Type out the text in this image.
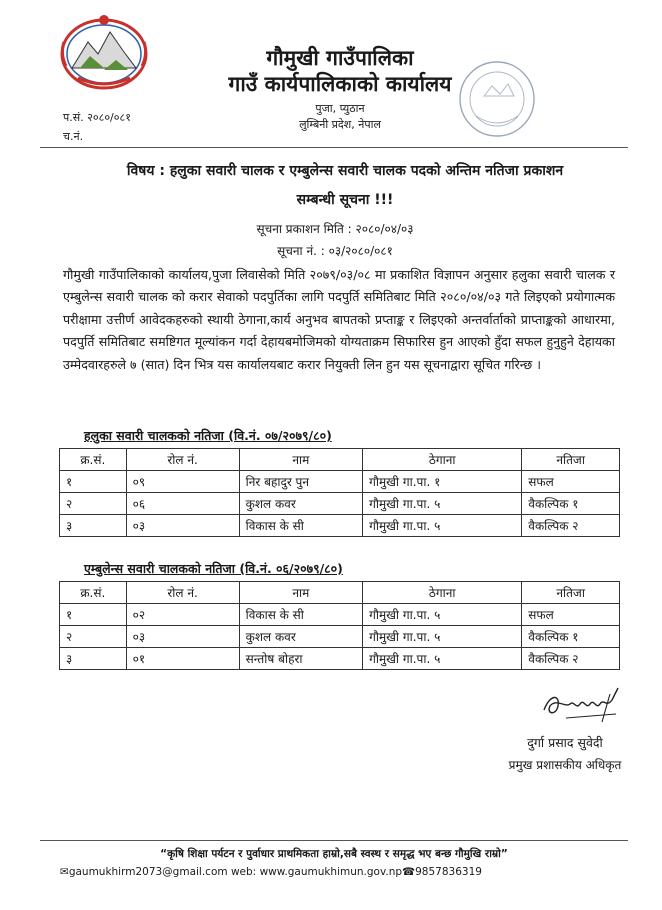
गौमुखी गाउँपालिका
गाउँ कार्यपालिकाको कार्यालय
पुजा, प्युठान
लुम्बिनी प्रदेश, नेपाल
प.सं. २०८०/०८१
च.नं.
विषय : हलुका सवारी चालक र एम्बुलेन्स सवारी चालक पदको अन्तिम नतिजा प्रकाशन
सम्बन्धी सूचना !!!
सूचना प्रकाशन मिति : २०८०/०४/०३
सूचना नं. : ०३/२०८०/०८१
गौमुखी गाउँपालिकाको कार्यालय,पुजा लिवासेको मिति २०७९/०३/०८ मा प्रकाशित विज्ञापन अनुसार हलुका सवारी चालक र एम्बुलेन्स सवारी चालक को करार सेवाको पदपुर्तिका लागि पदपुर्ति समितिबाट मिति २०८०/०४/०३ गते लिइएको प्रयोगात्मक परीक्षामा उत्तीर्ण आवेदकहरुको स्थायी ठेगाना,कार्य अनुभव बापतको प्रप्ताङ्क र लिइएको अन्तर्वार्ताको प्राप्ताङ्कको आधारमा, पदपुर्ति समितिबाट समष्टिगत मूल्यांकन गर्दा देहायबमोजिमको योग्यताक्रम सिफारिस हुन आएको हुँदा सफल हुनुहुने देहायका उम्मेदवारहरुले ७ (सात) दिन भित्र यस कार्यालयबाट करार नियुक्ती लिन हुन यस सूचनाद्वारा सूचित गरिन्छ ।
हलुका सवारी चालकको नतिजा (वि.नं. ०७/२०७९/८०)
क्र.सं.	रोल नं.	नाम	ठेगाना	नतिजा
१	०९	निर बहादुर पुन	गौमुखी गा.पा. १	सफल
२	०६	कुशल कवर	गौमुखी गा.पा. ५	वैकल्पिक १
३	०३	विकास के सी	गौमुखी गा.पा. ५	वैकल्पिक २
एम्बुलेन्स सवारी चालकको नतिजा (वि.नं. ०६/२०७९/८०)
क्र.सं.	रोल नं.	नाम	ठेगाना	नतिजा
१	०२	विकास के सी	गौमुखी गा.पा. ५	सफल
२	०३	कुशल कवर	गौमुखी गा.पा. ५	वैकल्पिक १
३	०१	सन्तोष बोहरा	गौमुखी गा.पा. ५	वैकल्पिक २
दुर्गा प्रसाद सुवेदी
प्रमुख प्रशासकीय अधिकृत
“कृषि शिक्षा पर्यटन र पुर्वाधार प्राथमिकता हाम्रो,सबै स्वस्थ र समृद्ध भए बन्छ गौमुखि राम्रो”
✉gaumukhirm2073@gmail.com web: www.gaumukhimun.gov.np☎9857836319
